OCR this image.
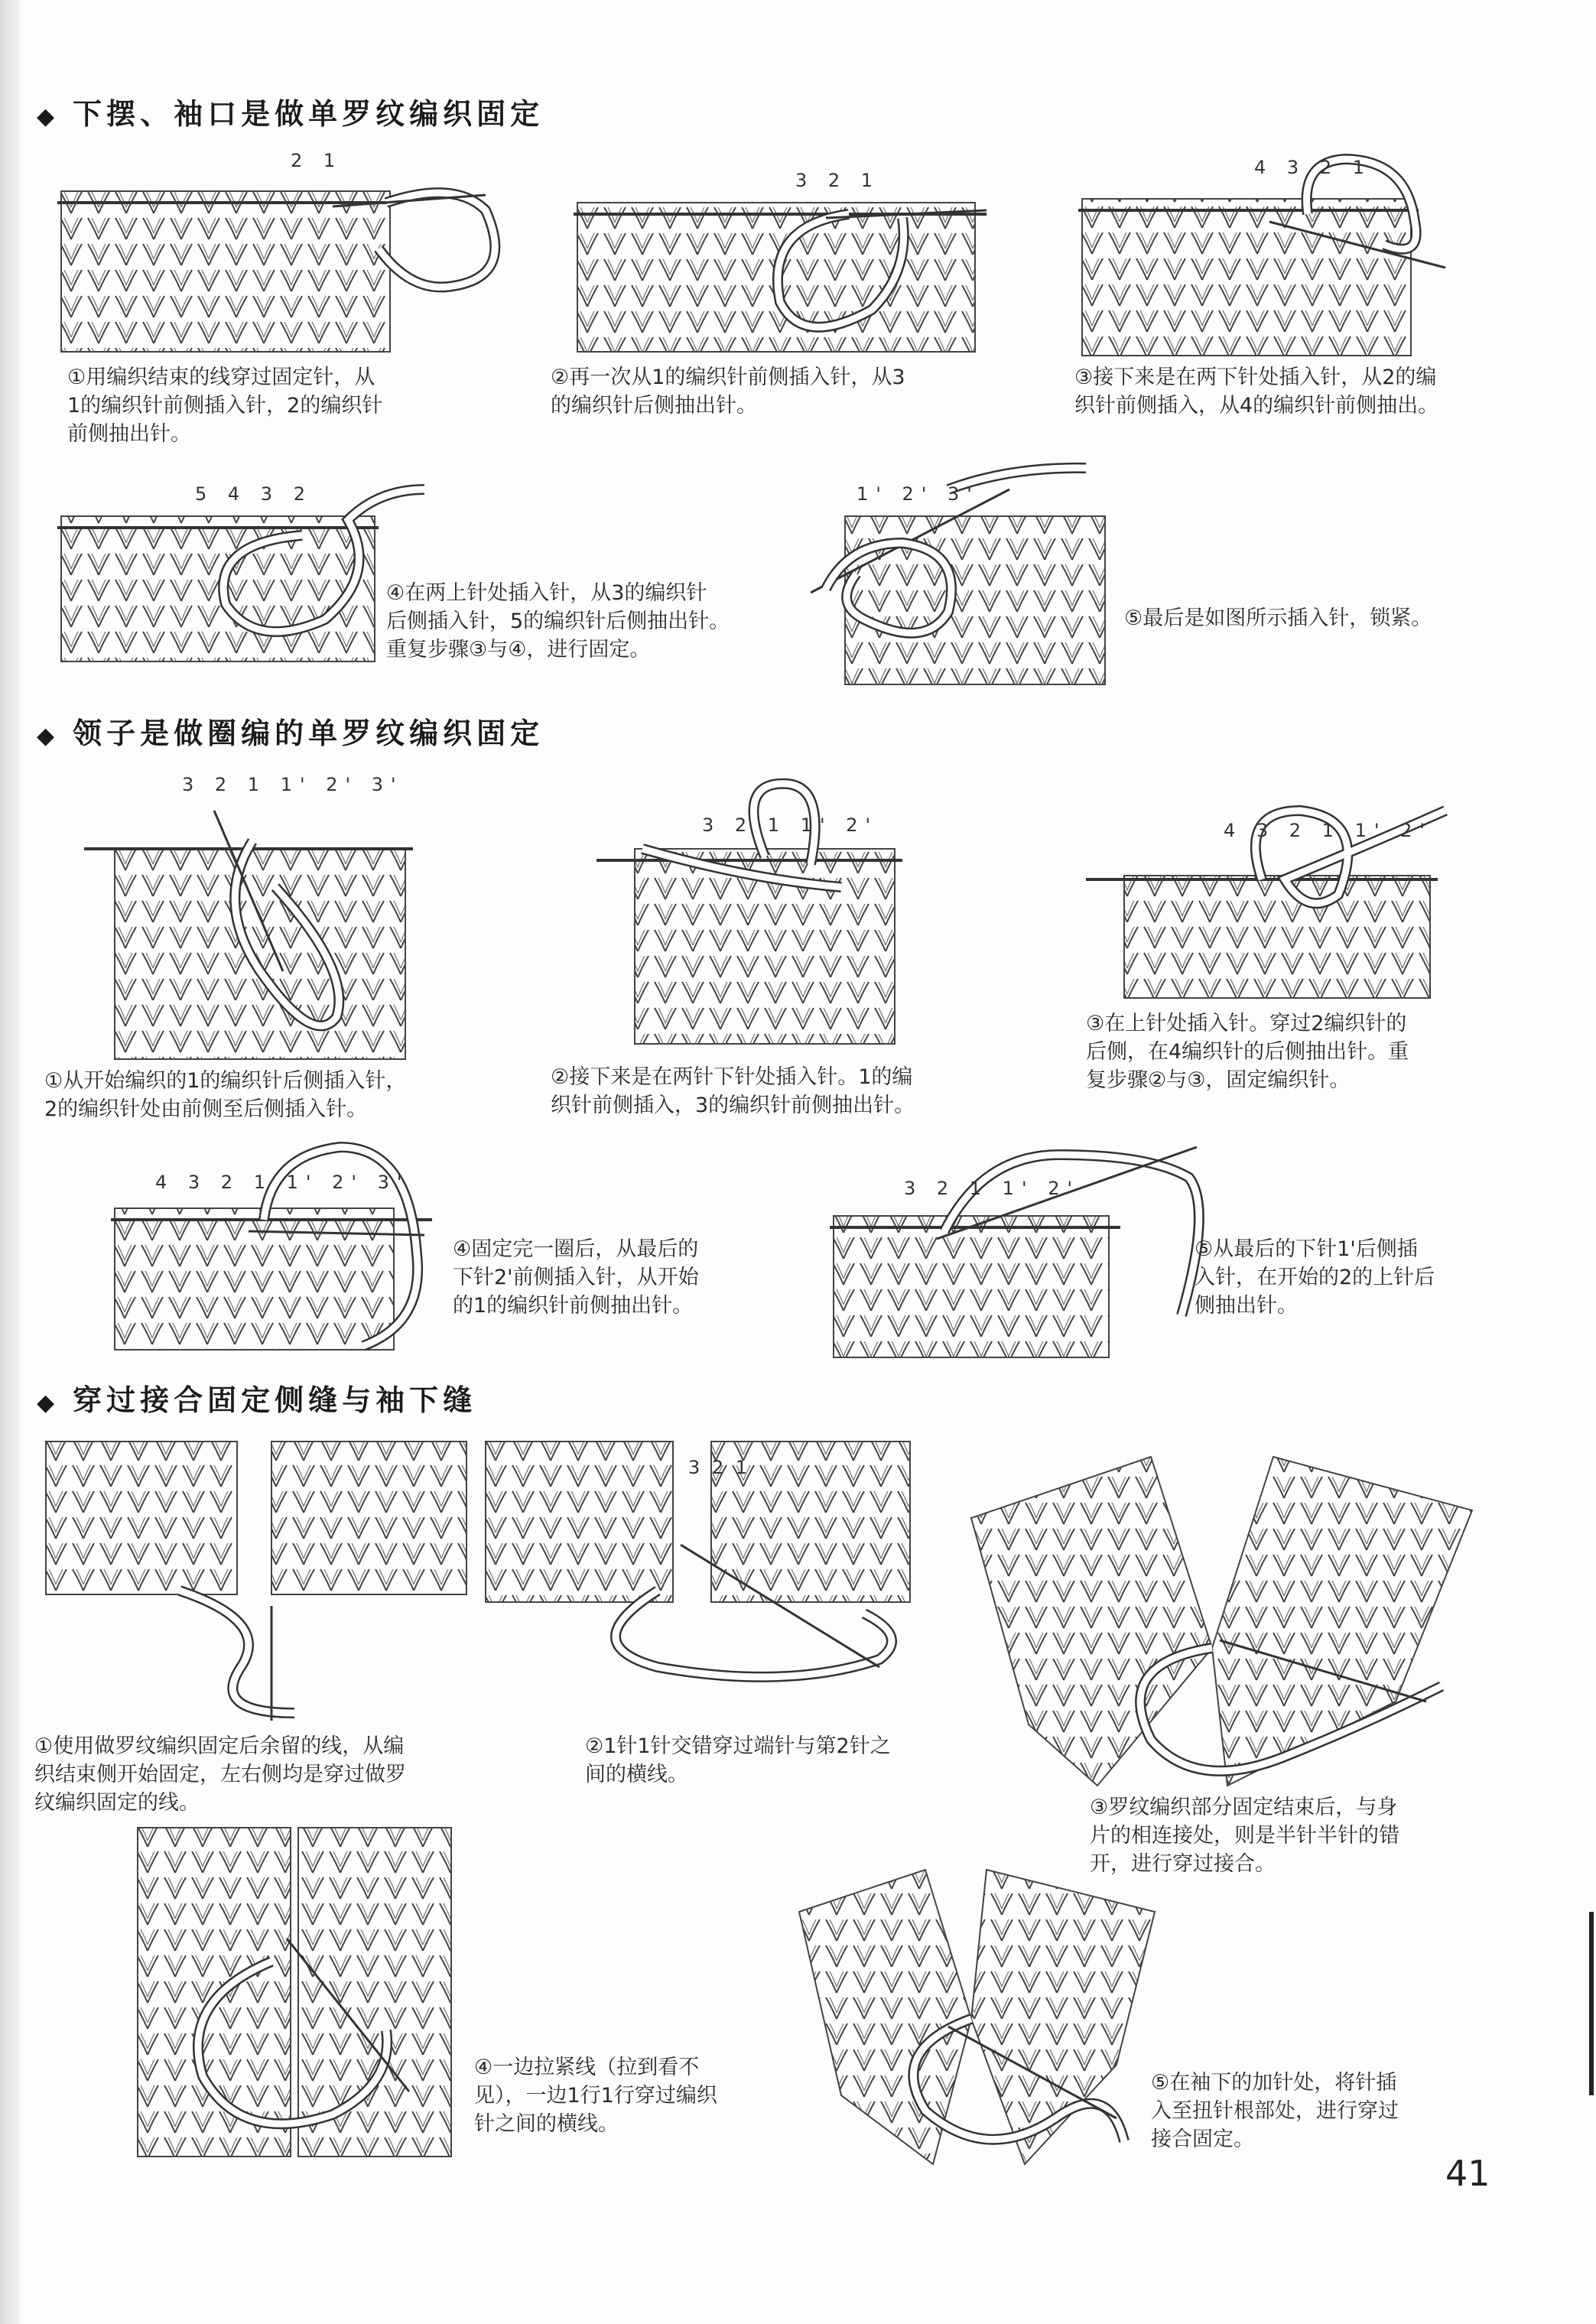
◆ 下摆、袖口是做单罗纹编织固定
2 1
①用编织结束的线穿过固定针，从
1的编织针前侧插入针，2的编织针
前侧抽出针。
3 2 1
②再一次从1的编织针前侧插入针，从3
的编织针后侧抽出针。
4 3 2 1
③接下来是在两下针处插入针，从2的编
织针前侧插入，从4的编织针前侧抽出。
5 4 3 2
④在两上针处插入针，从3的编织针
后侧插入针，5的编织针后侧抽出针。
重复步骤③与④，进行固定。
1' 2' 3'
⑤最后是如图所示插入针，锁紧。
◆ 领子是做圈编的单罗纹编织固定
3 2 1 1' 2' 3'
①从开始编织的1的编织针后侧插入针，
2的编织针处由前侧至后侧插入针。
3 2 1 1' 2'
②接下来是在两针下针处插入针。1的编
织针前侧插入，3的编织针前侧抽出针。
4 3 2 1 1' 2'
③在上针处插入针。穿过2编织针的
后侧，在4编织针的后侧抽出针。重
复步骤②与③，固定编织针。
4 3 2 1 1' 2' 3'
④固定完一圈后，从最后的
下针2'前侧插入针，从开始
的1的编织针前侧抽出针。
3 2 1 1' 2'
⑤从最后的下针1'后侧插
入针，在开始的2的上针后
侧抽出针。
◆ 穿过接合固定侧缝与袖下缝
①使用做罗纹编织固定后余留的线，从编
织结束侧开始固定，左右侧均是穿过做罗
纹编织固定的线。
3 2 1
②1针1针交错穿过端针与第2针之
间的横线。
③罗纹编织部分固定结束后，与身
片的相连接处，则是半针半针的错
开，进行穿过接合。
④一边拉紧线（拉到看不
见），一边1行1行穿过编织
针之间的横线。
⑤在袖下的加针处，将针插
入至扭针根部处，进行穿过
接合固定。
41
